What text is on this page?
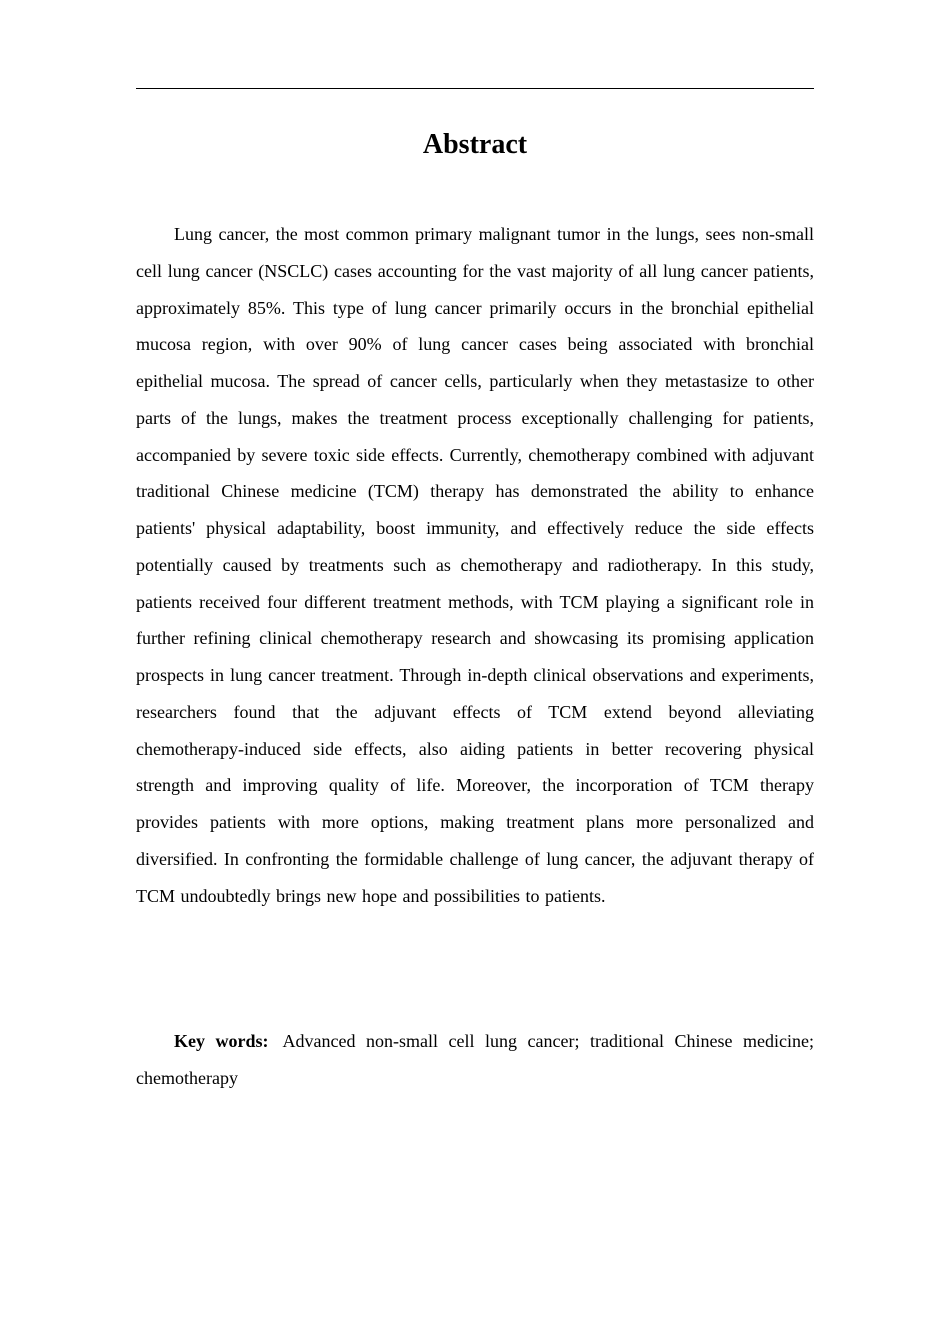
Abstract

Lung cancer, the most common primary malignant tumor in the lungs, sees non-small cell lung cancer (NSCLC) cases accounting for the vast majority of all lung cancer patients, approximately 85%. This type of lung cancer primarily occurs in the bronchial epithelial mucosa region, with over 90% of lung cancer cases being associated with bronchial epithelial mucosa. The spread of cancer cells, particularly when they metastasize to other parts of the lungs, makes the treatment process exceptionally challenging for patients, accompanied by severe toxic side effects. Currently, chemotherapy combined with adjuvant traditional Chinese medicine (TCM) therapy has demonstrated the ability to enhance patients' physical adaptability, boost immunity, and effectively reduce the side effects potentially caused by treatments such as chemotherapy and radiotherapy. In this study, patients received four different treatment methods, with TCM playing a significant role in further refining clinical chemotherapy research and showcasing its promising application prospects in lung cancer treatment. Through in-depth clinical observations and experiments, researchers found that the adjuvant effects of TCM extend beyond alleviating chemotherapy-induced side effects, also aiding patients in better recovering physical strength and improving quality of life. Moreover, the incorporation of TCM therapy provides patients with more options, making treatment plans more personalized and diversified. In confronting the formidable challenge of lung cancer, the adjuvant therapy of TCM undoubtedly brings new hope and possibilities to patients.

Key words: Advanced non-small cell lung cancer; traditional Chinese medicine; chemotherapy
